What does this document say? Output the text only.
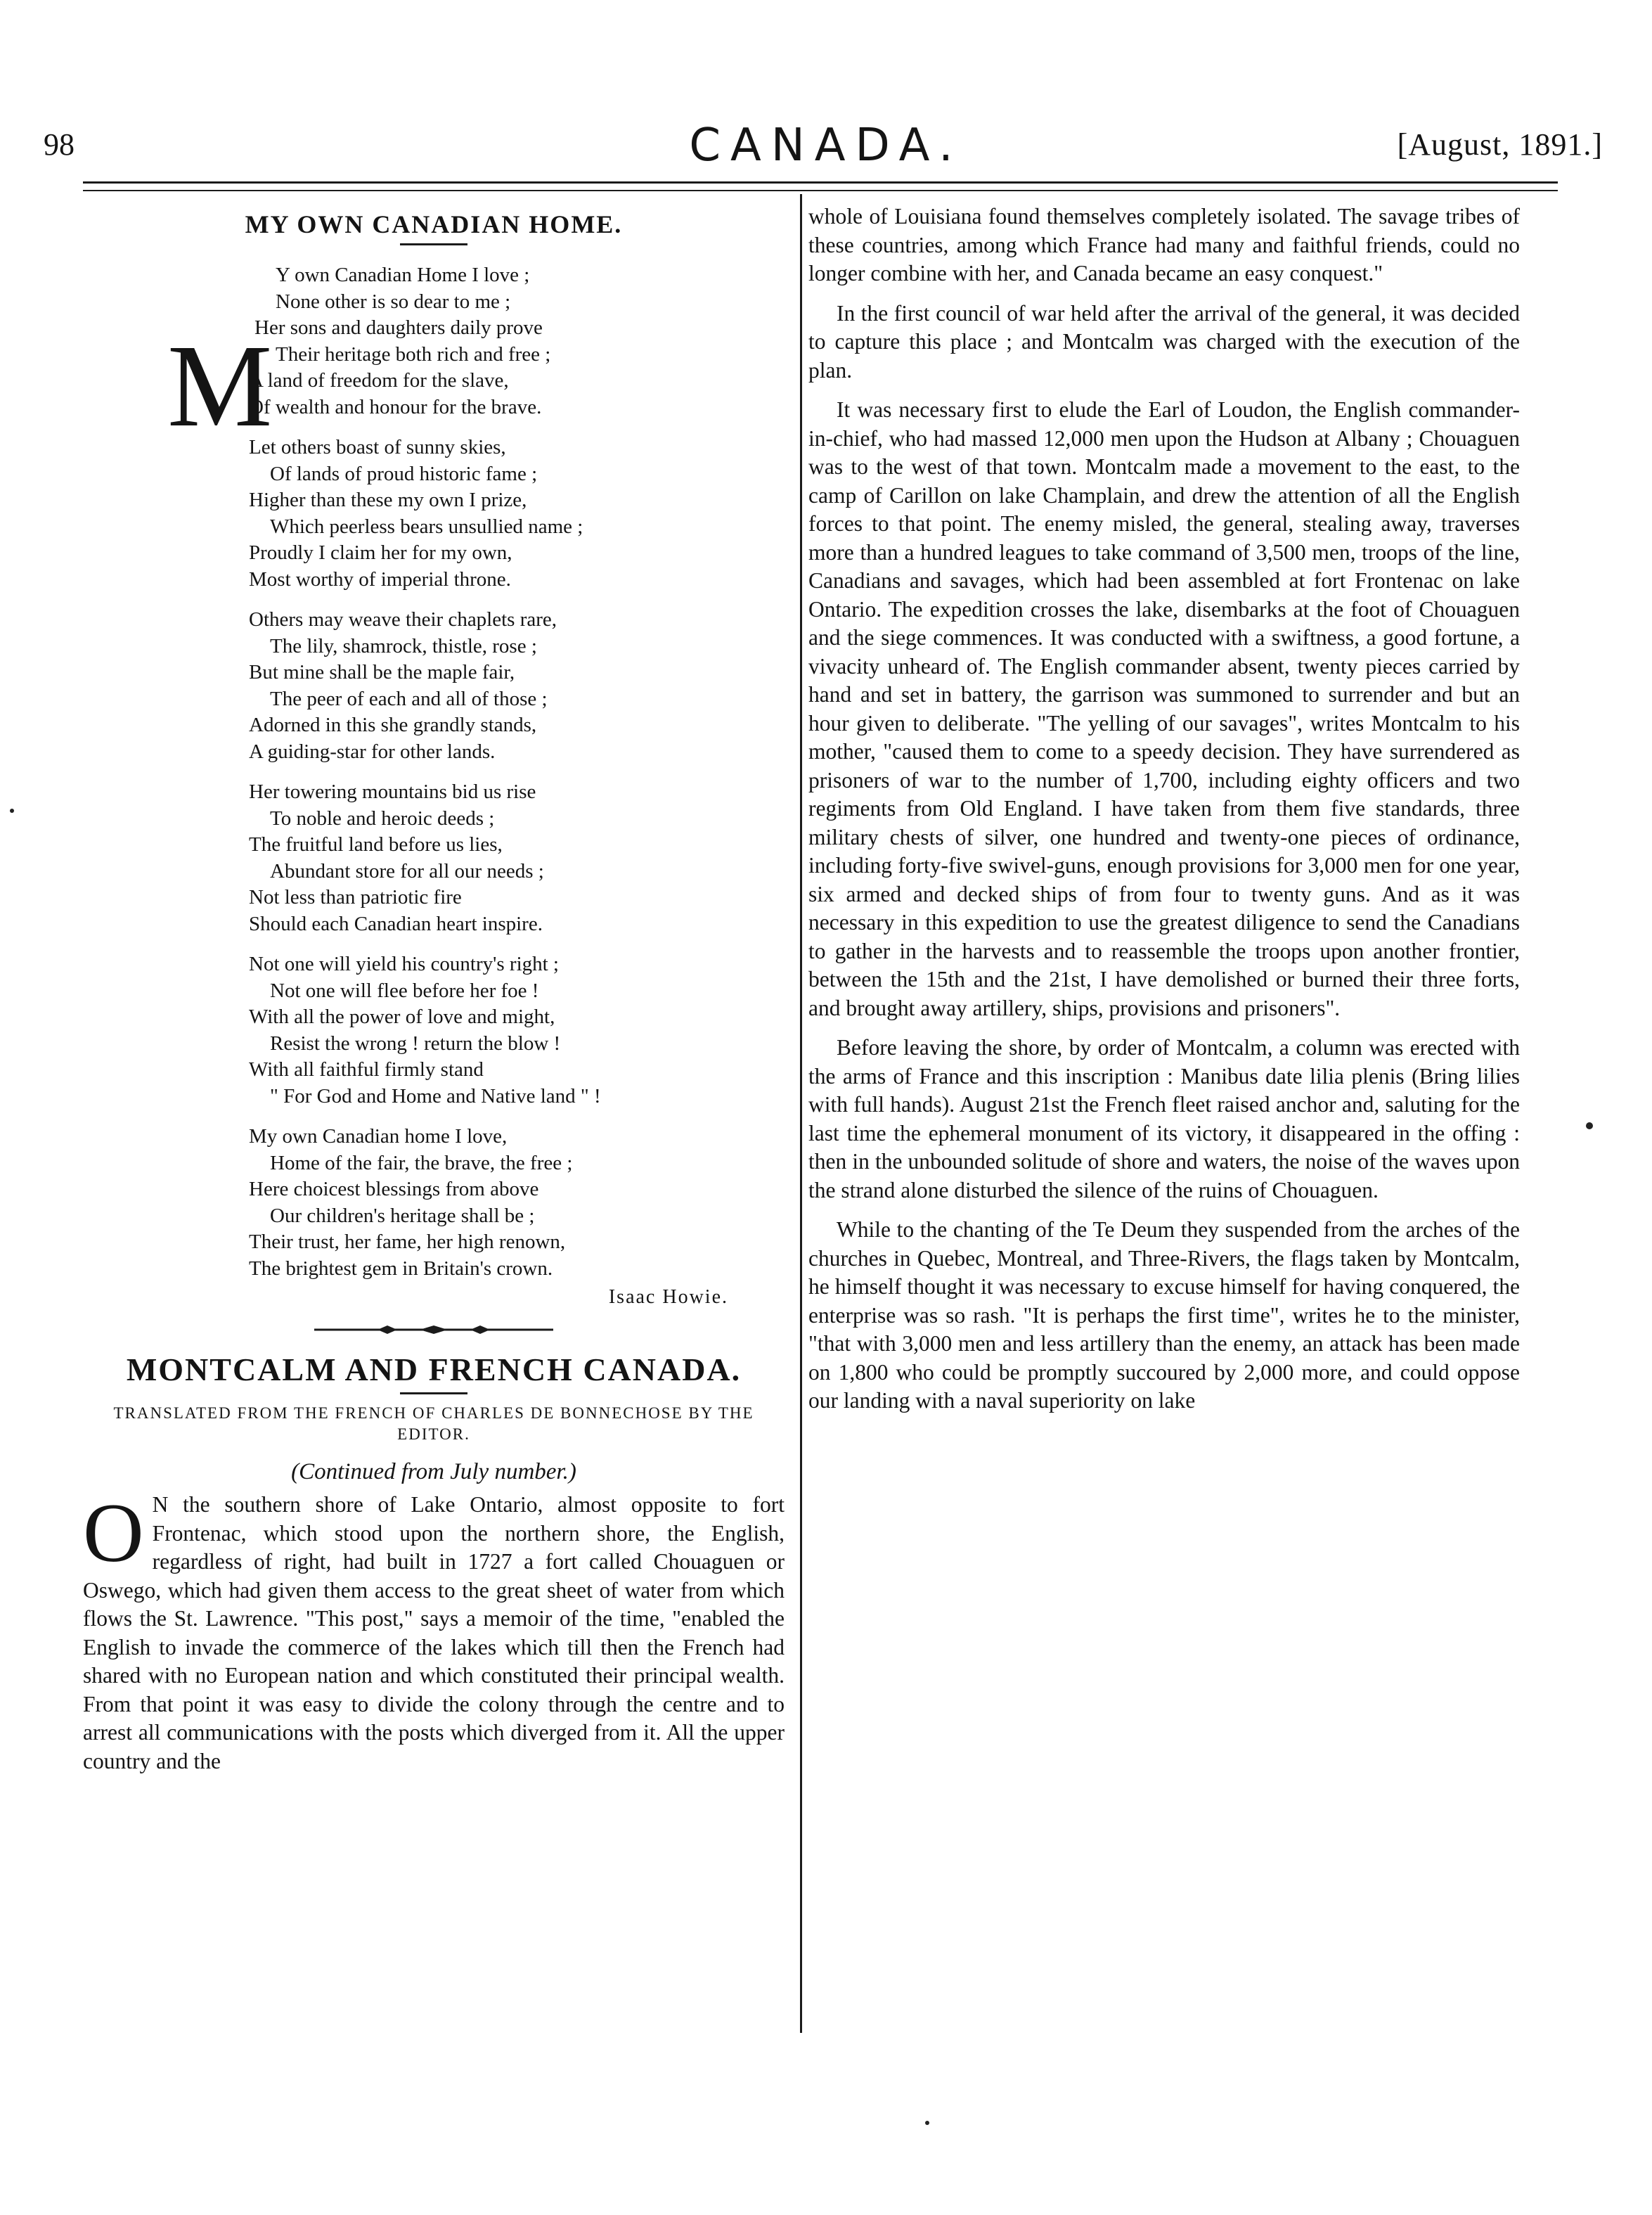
98	CANADA.	[August, 1891.]
MY OWN CANADIAN HOME.
M
Y own Canadian Home I love ;
None other is so dear to me ;
Her sons and daughters daily prove
Their heritage both rich and free ;
A land of freedom for the slave,
Of wealth and honour for the brave.
Let others boast of sunny skies,
Of lands of proud historic fame ;
Higher than these my own I prize,
Which peerless bears unsullied name ;
Proudly I claim her for my own,
Most worthy of imperial throne.
Others may weave their chaplets rare,
The lily, shamrock, thistle, rose ;
But mine shall be the maple fair,
The peer of each and all of those ;
Adorned in this she grandly stands,
A guiding-star for other lands.
Her towering mountains bid us rise
To noble and heroic deeds ;
The fruitful land before us lies,
Abundant store for all our needs ;
Not less than patriotic fire
Should each Canadian heart inspire.
Not one will yield his country's right ;
Not one will flee before her foe !
With all the power of love and might,
Resist the wrong ! return the blow !
With all faithful firmly stand
" For God and Home and Native land " !
My own Canadian home I love,
Home of the fair, the brave, the free ;
Here choicest blessings from above
Our children's heritage shall be ;
Their trust, her fame, her high renown,
The brightest gem in Britain's crown.
Isaac Howie.
MONTCALM AND FRENCH CANADA.
TRANSLATED FROM THE FRENCH OF CHARLES DE BONNECHOSE BY THE EDITOR.
(Continued from July number.)
O N the southern shore of Lake Ontario, almost opposite to fort Frontenac, which stood upon the northern shore, the English, regardless of right, had built in 1727 a fort called Chouaguen or Oswego, which had given them access to the great sheet of water from which flows the St. Lawrence. "This post," says a memoir of the time, "enabled the English to invade the commerce of the lakes which till then the French had shared with no European nation and which constituted their principal wealth. From that point it was easy to divide the colony through the centre and to arrest all communications with the posts which diverged from it. All the upper country and the

whole of Louisiana found themselves completely isolated. The savage tribes of these countries, among which France had many and faithful friends, could no longer combine with her, and Canada became an easy conquest."

In the first council of war held after the arrival of the general, it was decided to capture this place ; and Montcalm was charged with the execution of the plan.

It was necessary first to elude the Earl of Loudon, the English commander-in-chief, who had massed 12,000 men upon the Hudson at Albany ; Chouaguen was to the west of that town. Montcalm made a movement to the east, to the camp of Carillon on lake Champlain, and drew the attention of all the English forces to that point. The enemy misled, the general, stealing away, traverses more than a hundred leagues to take command of 3,500 men, troops of the line, Canadians and savages, which had been assembled at fort Frontenac on lake Ontario. The expedition crosses the lake, disembarks at the foot of Chouaguen and the siege commences. It was conducted with a swiftness, a good fortune, a vivacity unheard of. The English commander absent, twenty pieces carried by hand and set in battery, the garrison was summoned to surrender and but an hour given to deliberate. "The yelling of our savages", writes Montcalm to his mother, "caused them to come to a speedy decision. They have surrendered as prisoners of war to the number of 1,700, including eighty officers and two regiments from Old England. I have taken from them five standards, three military chests of silver, one hundred and twenty-one pieces of ordinance, including forty-five swivel-guns, enough provisions for 3,000 men for one year, six armed and decked ships of from four to twenty guns. And as it was necessary in this expedition to use the greatest diligence to send the Canadians to gather in the harvests and to reassemble the troops upon another frontier, between the 15th and the 21st, I have demolished or burned their three forts, and brought away artillery, ships, provisions and prisoners".

Before leaving the shore, by order of Montcalm, a column was erected with the arms of France and this inscription : Manibus date lilia plenis (Bring lilies with full hands). August 21st the French fleet raised anchor and, saluting for the last time the ephemeral monument of its victory, it disappeared in the offing : then in the unbounded solitude of shore and waters, the noise of the waves upon the strand alone disturbed the silence of the ruins of Chouaguen.

While to the chanting of the Te Deum they suspended from the arches of the churches in Quebec, Montreal, and Three-Rivers, the flags taken by Montcalm, he himself thought it was necessary to excuse himself for having conquered, the enterprise was so rash. "It is perhaps the first time", writes he to the minister, "that with 3,000 men and less artillery than the enemy, an attack has been made on 1,800 who could be promptly succoured by 2,000 more, and could oppose our landing with a naval superiority on lake
